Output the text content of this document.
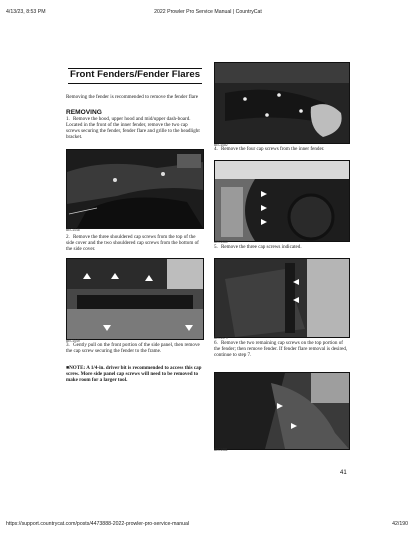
4/13/23, 8:53 PM	2022 Prowler Pro Service Manual | CountryCat
Front Fenders/Fender Flares
Removing the fender is recommended to remove the fender flare
REMOVING
1. Remove the hood, upper hood and mid/upper dash-board. Located in the front of the inner fender, remove the two cap screws securing the fender, fender flare and grille to the headlight bracket.
BEC1048
2. Remove the three shouldered cap screws from the top of the side cover and the two shouldered cap screws from the bottom of the side cover.
BEC1049
3. Gently pull on the front portion of the side panel, then remove the cap screw securing the fender to the frame.
■NOTE: A 1/4-in. driver bit is recommended to access this cap screw. More side panel cap screws will need to be removed to make room for a larger tool.
BEC1082
4. Remove the four cap screws from the inner fender.
BEC1080
5. Remove the three cap screws indicated.
BEC1079
6. Remove the two remaining cap screws on the top portion of the fender; then remove fender. If fender flare removal is desired, continue to step 7.
BEC1081
41
https://support.countrycat.com/posts/4473888-2022-prowler-pro-service-manual	42/190
